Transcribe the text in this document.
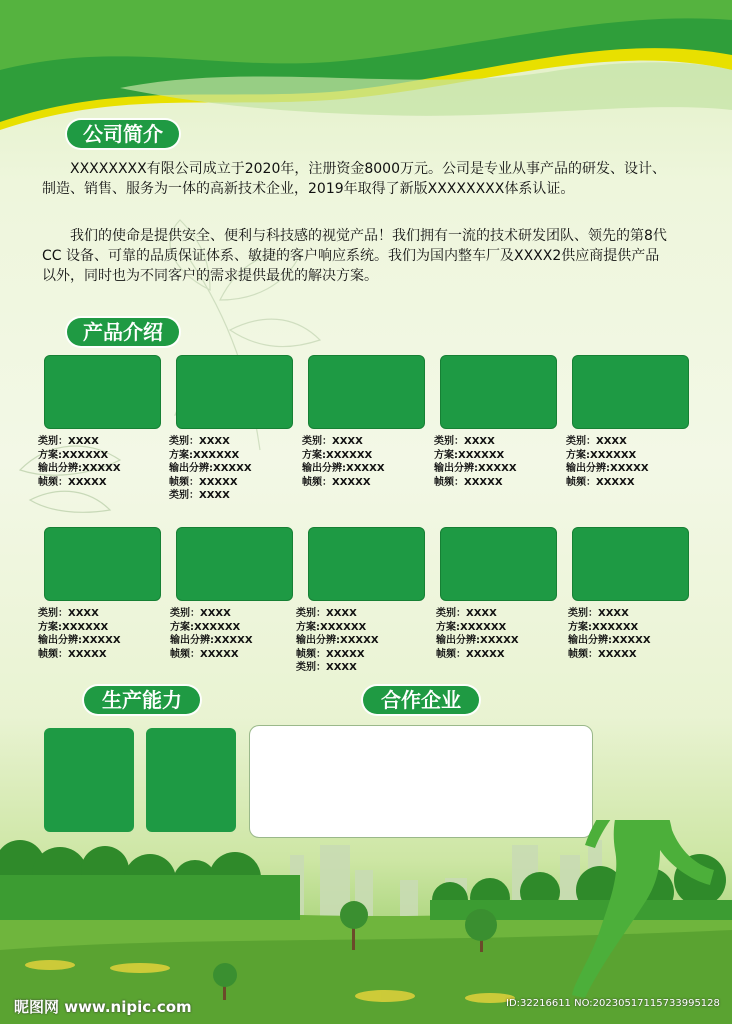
公司简介

XXXXXXXX有限公司成立于2020年，注册资金8000万元。公司是专业从事产品的研发、设计、制造、销售、服务为一体的高新技术企业，2019年取得了新版XXXXXXXX体系认证。

我们的使命是提供安全、便利与科技感的视觉产品！我们拥有一流的技术研发团队、领先的第8代 CC 设备、可靠的品质保证体系、敏捷的客户响应系统。我们为国内整车厂及XXXX2供应商提供产品以外，同时也为不同客户的需求提供最优的解决方案。

产品介绍
类别：XXXX
方案:XXXXXX
输出分辨:XXXXX
帧频：XXXXX
类别：XXXX
方案:XXXXXX
输出分辨:XXXXX
帧频：XXXXX
类别：XXXX
类别：XXXX
方案:XXXXXX
输出分辨:XXXXX
帧频：XXXXX
类别：XXXX
方案:XXXXXX
输出分辨:XXXXX
帧频：XXXXX
类别：XXXX
方案:XXXXXX
输出分辨:XXXXX
帧频：XXXXX
类别：XXXX
方案:XXXXXX
输出分辨:XXXXX
帧频：XXXXX
类别：XXXX
方案:XXXXXX
输出分辨:XXXXX
帧频：XXXXX
类别：XXXX
方案:XXXXXX
输出分辨:XXXXX
帧频：XXXXX
类别：XXXX
类别：XXXX
方案:XXXXXX
输出分辨:XXXXX
帧频：XXXXX
类别：XXXX
方案:XXXXXX
输出分辨:XXXXX
帧频：XXXXX
生产能力	合作企业
昵图网 www.nipic.com	ID:32216611 NO:20230517115733995128
